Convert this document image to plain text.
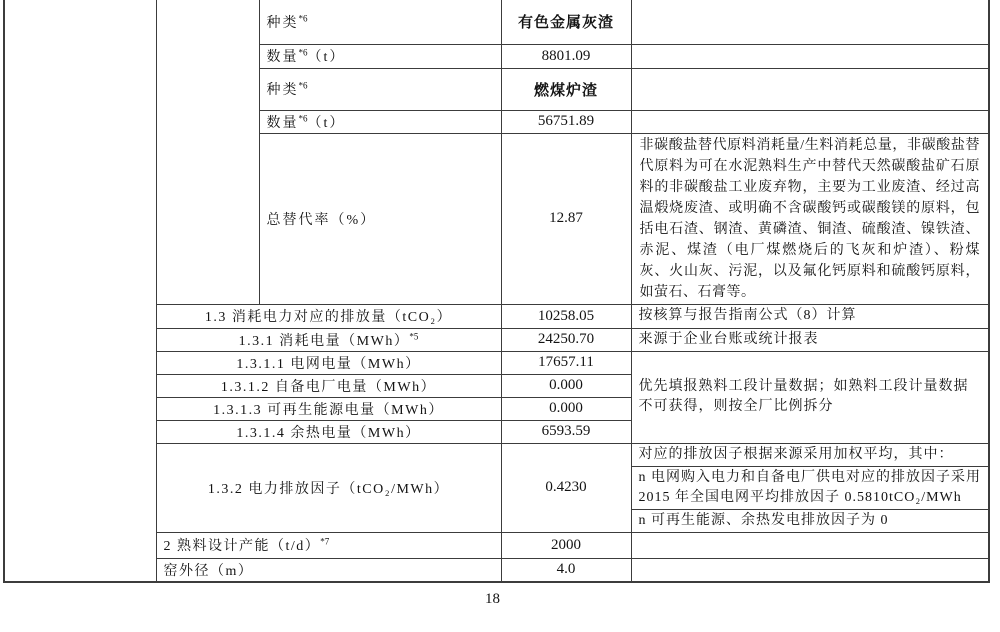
		种类$^{*6}$	有色金属灰渣	
		数量$^{*6}$（t）	8801.09	
		种类$^{*6}$	燃煤炉渣	
		数量$^{*6}$（t）	56751.89	
		总替代率（%）	12.87	非碳酸盐替代原料消耗量/生料消耗总量，非碳酸盐替代原料为可在水泥熟料生产中替代天然碳酸盐矿石原料的非碳酸盐工业废弃物，主要为工业废渣、经过高温煅烧废渣、或明确不含碳酸钙或碳酸镁的原料，包括电石渣、钢渣、黄磷渣、铜渣、硫酸渣、镍铁渣、赤泥、煤渣（电厂煤燃烧后的飞灰和炉渣）、粉煤灰、火山灰、污泥，以及氟化钙原料和硫酸钙原料，如萤石、石膏等。
	1.3 消耗电力对应的排放量（tCO₂）		10258.05	按核算与报告指南公式（8）计算
	1.3.1 消耗电量（MWh）$^{*5}$		24250.70	来源于企业台账或统计报表
	1.3.1.1 电网电量（MWh）		17657.11	优先填报熟料工段计量数据；如熟料工段计量数据不可获得，则按全厂比例拆分
	1.3.1.2 自备电厂电量（MWh）		0.000	
	1.3.1.3 可再生能源电量（MWh）		0.000	
	1.3.1.4 余热电量（MWh）		6593.59	
	1.3.2 电力排放因子（tCO₂/MWh）		0.4230	对应的排放因子根据来源采用加权平均，其中：
				n 电网购入电力和自备电厂供电对应的排放因子采用 2015 年全国电网平均排放因子 0.5810tCO₂/MWh
				n 可再生能源、余热发电排放因子为 0
	2 熟料设计产能（t/d）$^{*7}$		2000	
	窑外径（m）		4.0	
18
